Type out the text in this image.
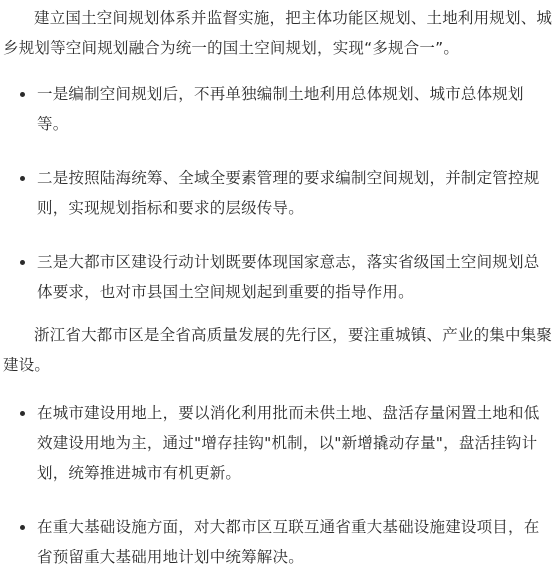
建立国土空间规划体系并监督实施，把主体功能区规划、土地利用规划、城乡规划等空间规划融合为统一的国土空间规划，实现“多规合一”。

一是编制空间规划后，不再单独编制土地利用总体规划、城市总体规划等。
二是按照陆海统筹、全域全要素管理的要求编制空间规划，并制定管控规则，实现规划指标和要求的层级传导。
三是大都市区建设行动计划既要体现国家意志，落实省级国土空间规划总体要求，也对市县国土空间规划起到重要的指导作用。

浙江省大都市区是全省高质量发展的先行区，要注重城镇、产业的集中集聚建设。

在城市建设用地上，要以消化利用批而未供土地、盘活存量闲置土地和低效建设用地为主，通过"增存挂钩"机制，以"新增撬动存量"，盘活挂钩计划，统筹推进城市有机更新。
在重大基础设施方面，对大都市区互联互通省重大基础设施建设项目，在省预留重大基础用地计划中统筹解决。
